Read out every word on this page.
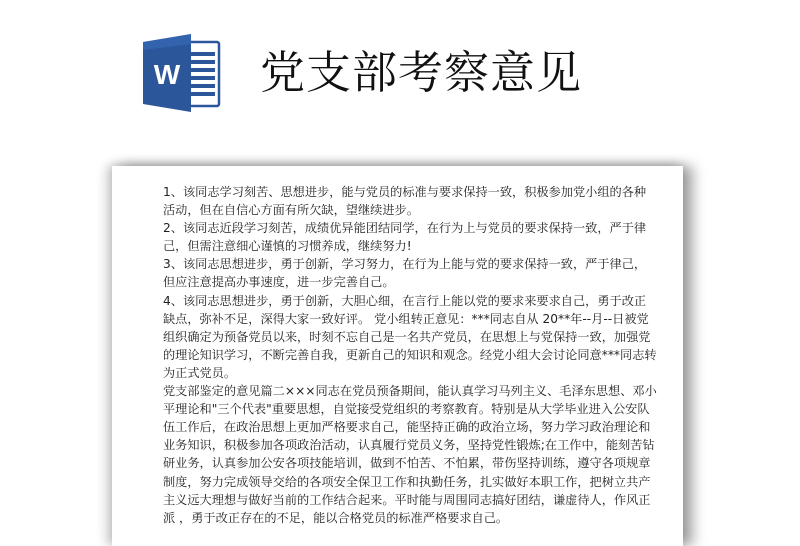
W 党支部考察意见

1、该同志学习刻苦、思想进步，能与党员的标准与要求保持一致，积极参加党小组的各种

活动，但在自信心方面有所欠缺，望继续进步。

2、该同志近段学习刻苦，成绩优异能团结同学，在行为上与党员的要求保持一致，严于律

己，但需注意细心谨慎的习惯养成，继续努力!

3、该同志思想进步，勇于创新，学习努力，在行为上能与党的要求保持一致，严于律己，

但应注意提高办事速度，进一步完善自己。

4、该同志思想进步，勇于创新，大胆心细，在言行上能以党的要求来要求自己，勇于改正

缺点，弥补不足，深得大家一致好评。 党小组转正意见：***同志自从 20**年--月--日被党

组织确定为预备党员以来，时刻不忘自己是一名共产党员，在思想上与党保持一致，加强党

的理论知识学习，不断完善自我，更新自己的知识和观念。经党小组大会讨论同意***同志转

为正式党员。

党支部鉴定的意见篇二×××同志在党员预备期间，能认真学习马列主义、毛泽东思想、邓小

平理论和"三个代表"重要思想，自觉接受党组织的考察教育。特别是从大学毕业进入公安队

伍工作后，在政治思想上更加严格要求自己，能坚持正确的政治立场，努力学习政治理论和

业务知识，积极参加各项政治活动，认真履行党员义务，坚持党性锻炼;在工作中，能刻苦钻

研业务，认真参加公安各项技能培训，做到不怕苦、不怕累，带伤坚持训练，遵守各项规章

制度，努力完成领导交给的各项安全保卫工作和执勤任务，扎实做好本职工作，把树立共产

主义远大理想与做好当前的工作结合起来。平时能与周围同志搞好团结，谦虚待人，作风正

派 ，勇于改正存在的不足，能以合格党员的标准严格要求自己。
